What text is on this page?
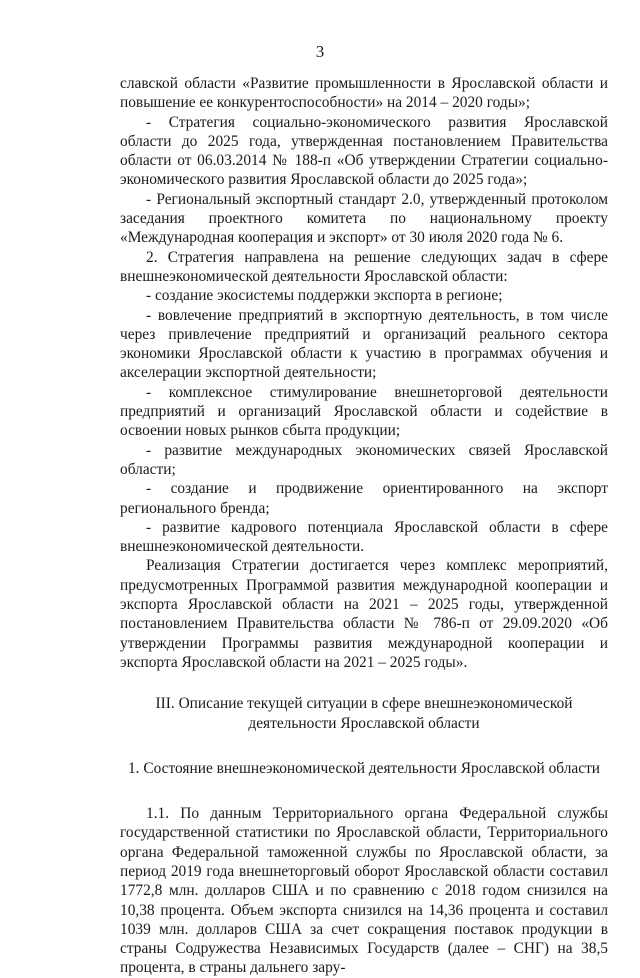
3

славской области «Развитие промышленности в Ярославской области и повышение ее конкурентоспособности» на 2014 – 2020 годы»;

- Стратегия социально-экономического развития Ярославской области до 2025 года, утвержденная постановлением Правительства области от 06.03.2014 № 188-п «Об утверждении Стратегии социально-экономического развития Ярославской области до 2025 года»;

- Региональный экспортный стандарт 2.0, утвержденный протоколом заседания проектного комитета по национальному проекту «Международная кооперация и экспорт» от 30 июля 2020 года № 6.

2. Стратегия направлена на решение следующих задач в сфере внешнеэкономической деятельности Ярославской области:

- создание экосистемы поддержки экспорта в регионе;

- вовлечение предприятий в экспортную деятельность, в том числе через привлечение предприятий и организаций реального сектора экономики Ярославской области к участию в программах обучения и акселерации экспортной деятельности;

- комплексное стимулирование внешнеторговой деятельности предприятий и организаций Ярославской области и содействие в освоении новых рынков сбыта продукции;

- развитие международных экономических связей Ярославской области;

- создание и продвижение ориентированного на экспорт регионального бренда;

- развитие кадрового потенциала Ярославской области в сфере внешнеэкономической деятельности.

Реализация Стратегии достигается через комплекс мероприятий, предусмотренных Программой развития международной кооперации и экспорта Ярославской области на 2021 – 2025 годы, утвержденной постановлением Правительства области № 786-п от 29.09.2020 «Об утверждении Программы развития международной кооперации и экспорта Ярославской области на 2021 – 2025 годы».

III. Описание текущей ситуации в сфере внешнеэкономической деятельности Ярославской области

1. Состояние внешнеэкономической деятельности Ярославской области

1.1. По данным Территориального органа Федеральной службы государственной статистики по Ярославской области, Территориального органа Федеральной таможенной службы по Ярославской области, за период 2019 года внешнеторговый оборот Ярославской области составил 1772,8 млн. долларов США и по сравнению с 2018 годом снизился на 10,38 процента. Объем экспорта снизился на 14,36 процента и составил 1039 млн. долларов США за счет сокращения поставок продукции в страны Содружества Независимых Государств (далее – СНГ) на 38,5 процента, в страны дальнего зару-
